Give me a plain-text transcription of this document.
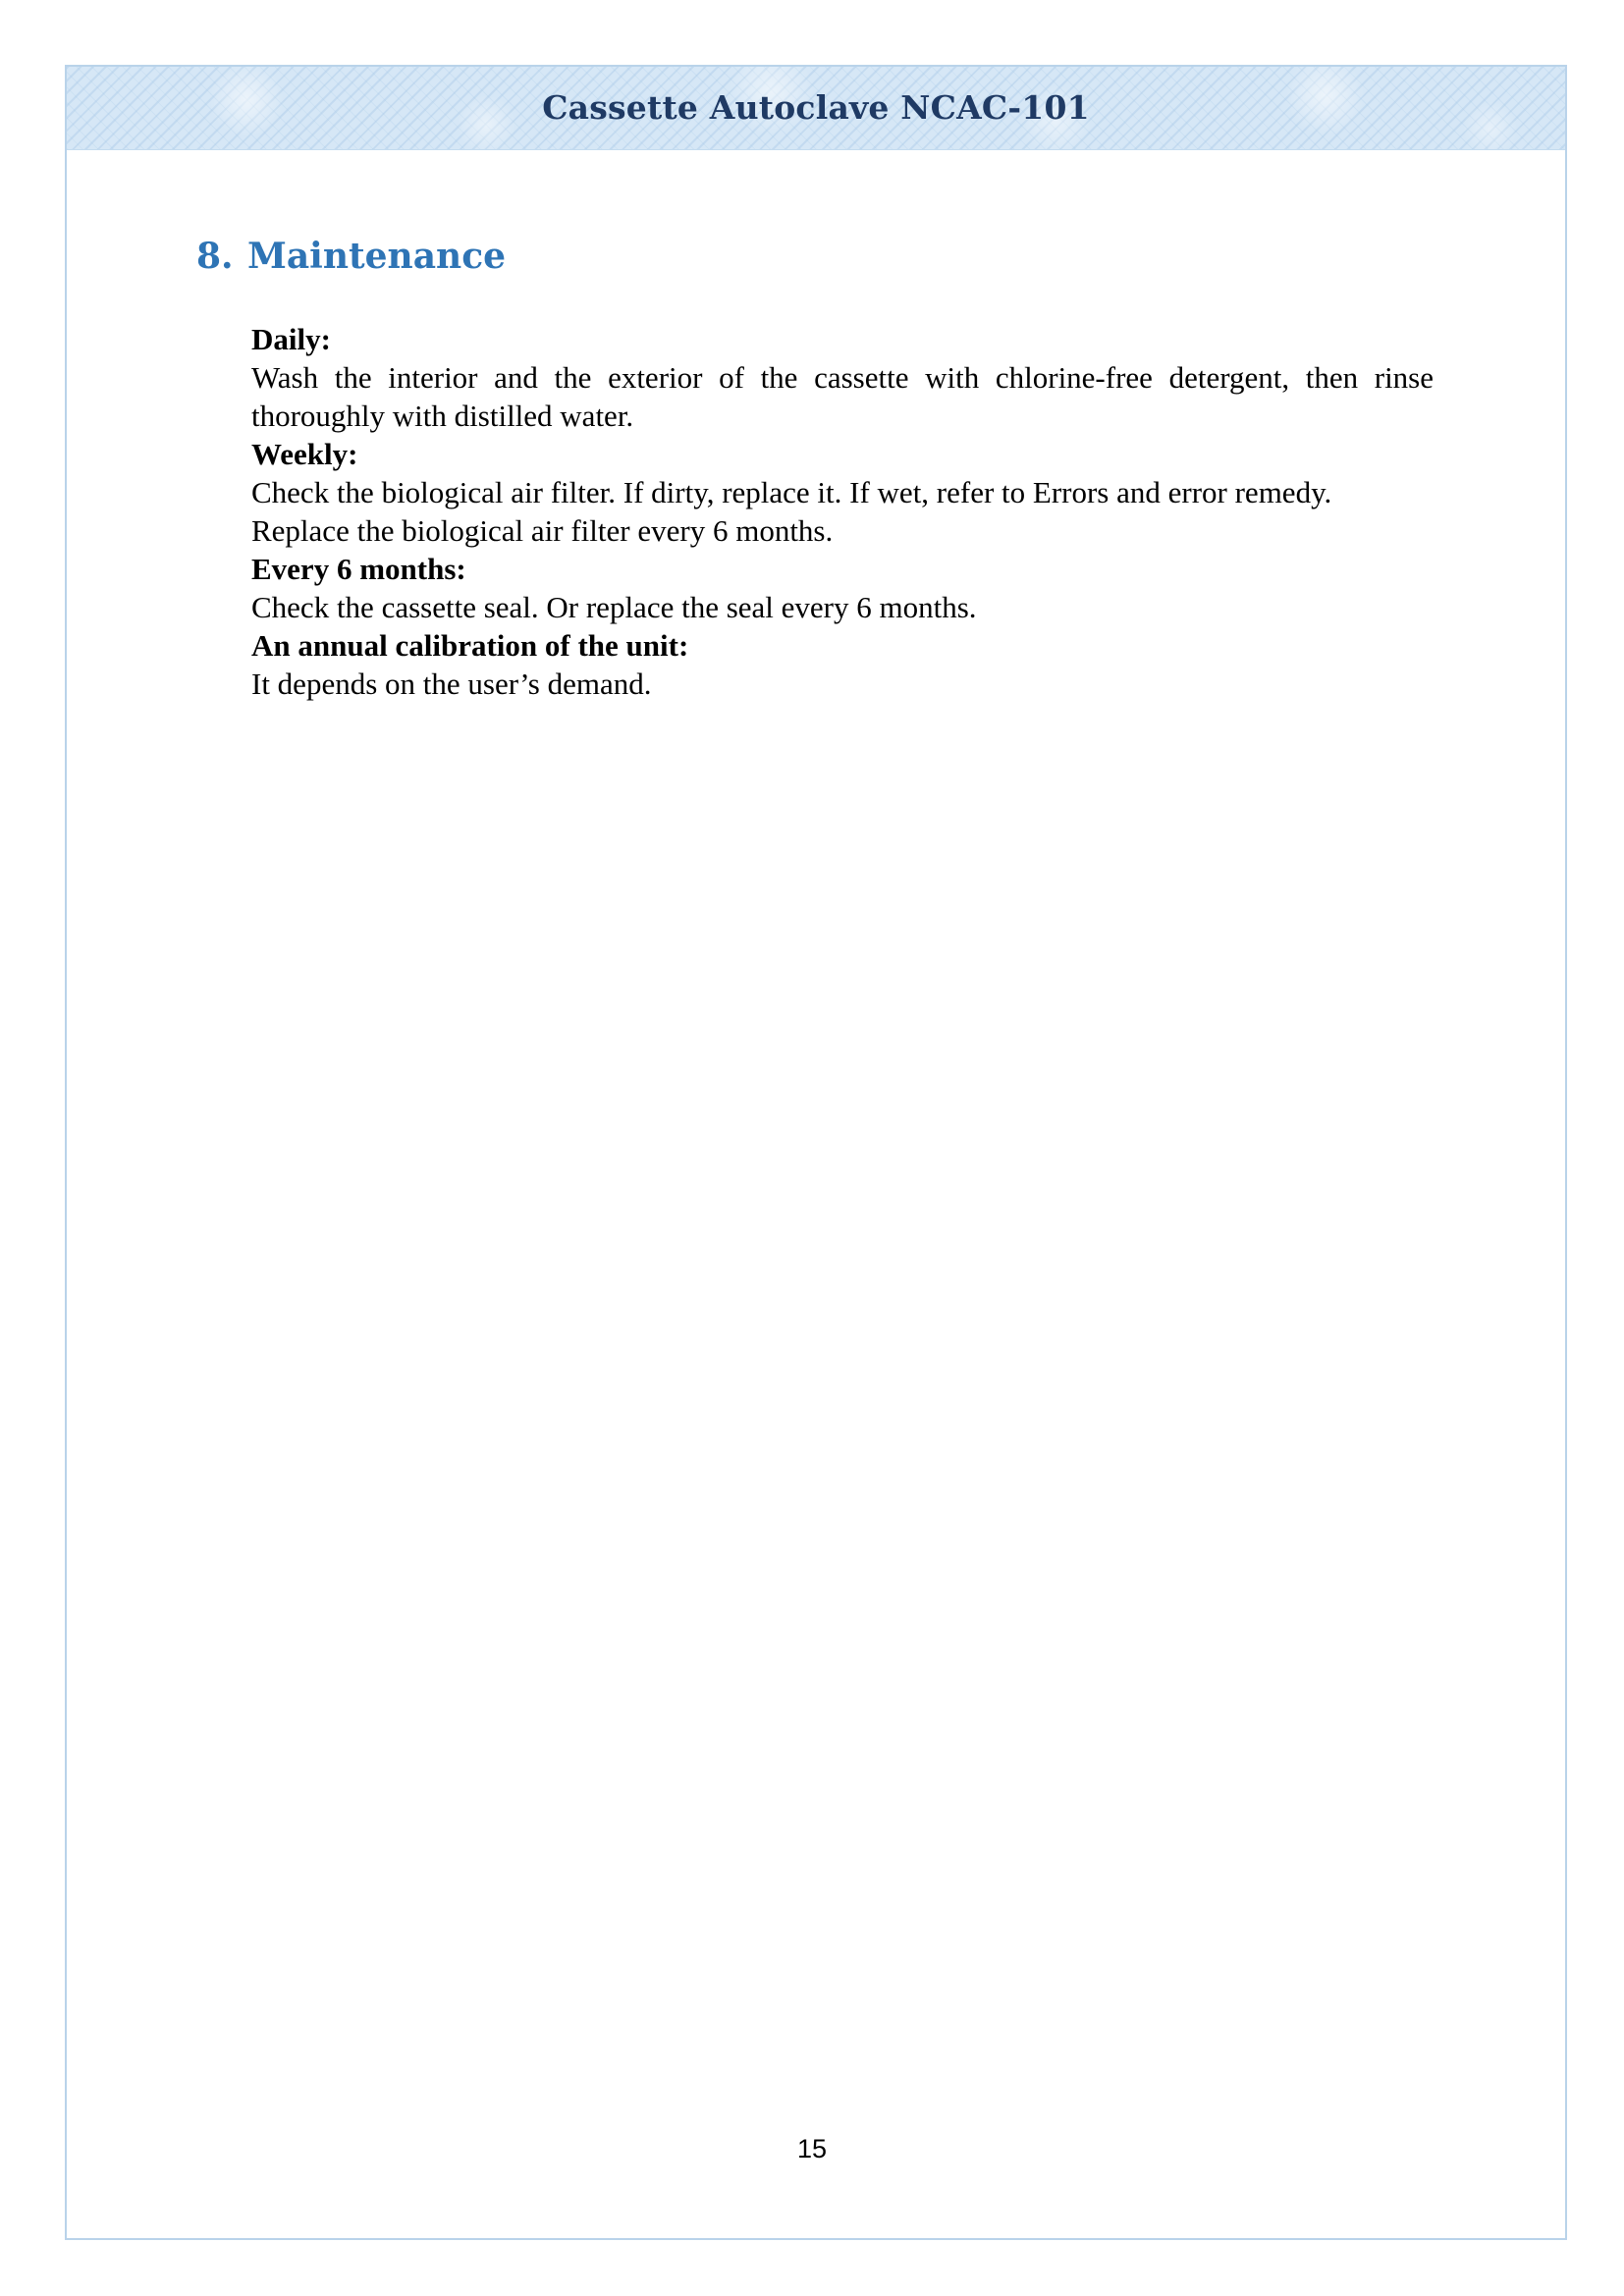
Cassette Autoclave NCAC-101
8. Maintenance
Daily:

Wash the interior and the exterior of the cassette with chlorine-free detergent, then rinse thoroughly with distilled water.

Weekly:

Check the biological air filter. If dirty, replace it. If wet, refer to Errors and error remedy.

Replace the biological air filter every 6 months.

Every 6 months:

Check the cassette seal. Or replace the seal every 6 months.

An annual calibration of the unit:

It depends on the user’s demand.

15
